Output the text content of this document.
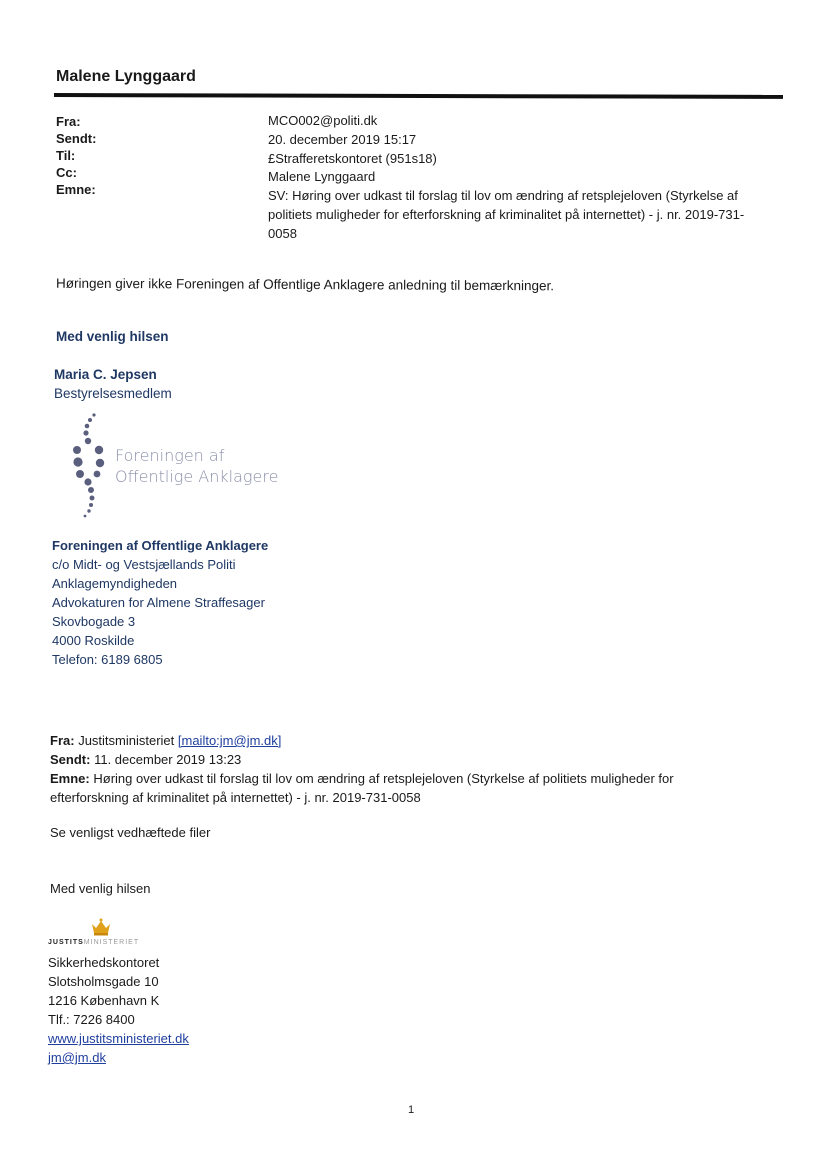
Malene Lynggaard
Fra:
Sendt:
Til:
Cc:
Emne:
MCO002@politi.dk
20. december 2019 15:17
£Strafferetskontoret (951s18)
Malene Lynggaard
SV: Høring over udkast til forslag til lov om ændring af retsplejeloven (Styrkelse af politiets muligheder for efterforskning af kriminalitet på internettet) - j. nr. 2019-731-0058
Høringen giver ikke Foreningen af Offentlige Anklagere anledning til bemærkninger.
Med venlig hilsen
Maria C. Jepsen
Bestyrelsesmedlem
Foreningen af
Offentlige Anklagere
Foreningen af Offentlige Anklagere
c/o Midt- og Vestsjællands Politi
Anklagemyndigheden
Advokaturen for Almene Straffesager
Skovbogade 3
4000 Roskilde
Telefon: 6189 6805
Fra: Justitsministeriet [mailto:jm@jm.dk]
Sendt: 11. december 2019 13:23
Emne: Høring over udkast til forslag til lov om ændring af retsplejeloven (Styrkelse af politiets muligheder for efterforskning af kriminalitet på internettet) - j. nr. 2019-731-0058
Se venligst vedhæftede filer
Med venlig hilsen
JUSTITSMINISTERIET
Sikkerhedskontoret
Slotsholmsgade 10
1216 København K
Tlf.: 7226 8400
www.justitsministeriet.dk
jm@jm.dk
1
